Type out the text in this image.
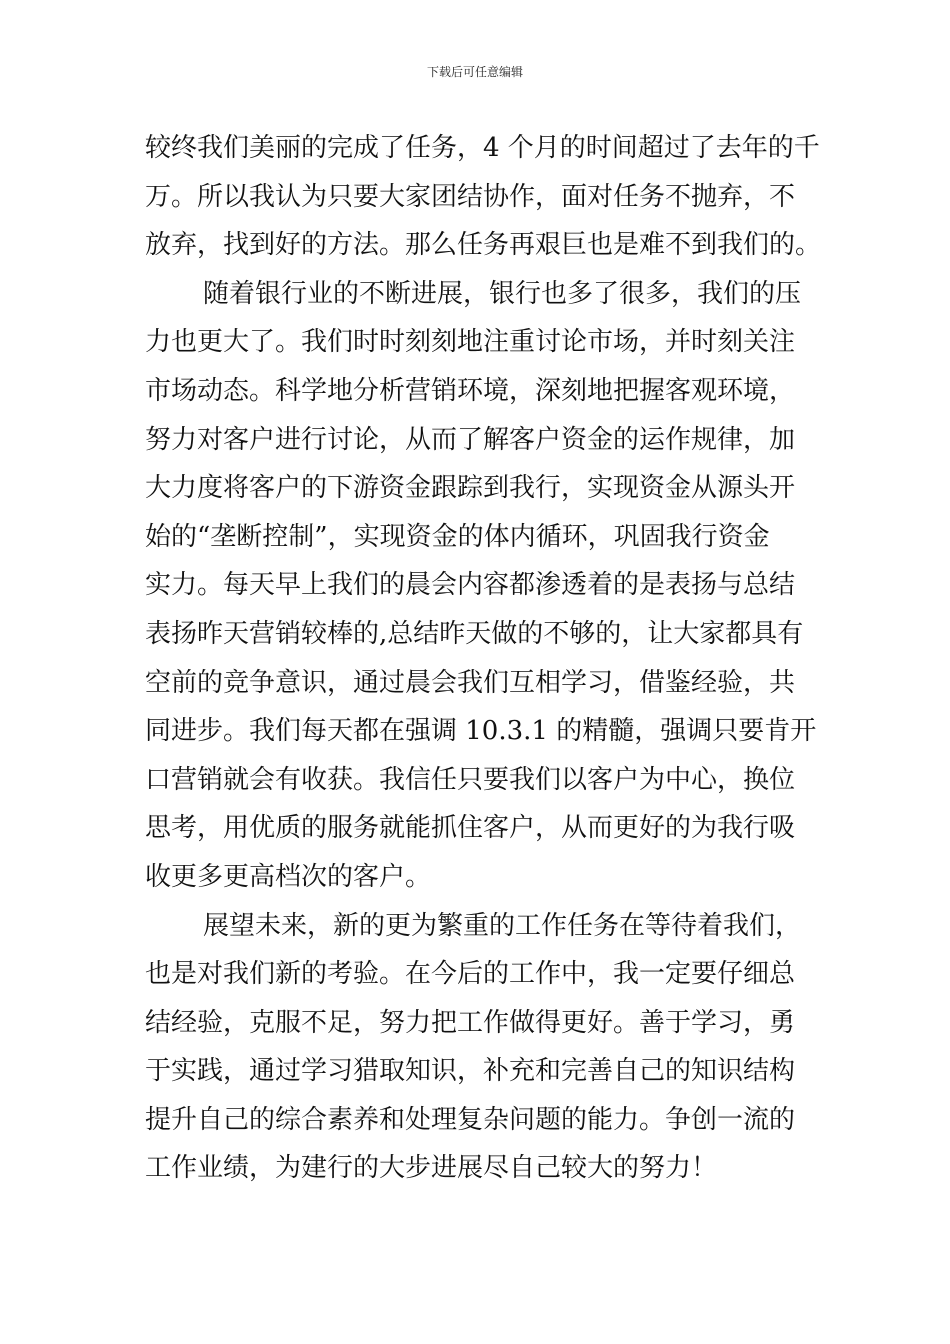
下载后可任意编辑
较终我们美丽的完成了任务，4 个月的时间超过了去年的千
万。所以我认为只要大家团结协作，面对任务不抛弃，不
放弃，找到好的方法。那么任务再艰巨也是难不到我们的。
随着银行业的不断进展，银行也多了很多，我们的压
力也更大了。我们时时刻刻地注重讨论市场，并时刻关注
市场动态。科学地分析营销环境，深刻地把握客观环境，
努力对客户进行讨论，从而了解客户资金的运作规律，加
大力度将客户的下游资金跟踪到我行，实现资金从源头开
始的“垄断控制”，实现资金的体内循环，巩固我行资金
实力。每天早上我们的晨会内容都渗透着的是表扬与总结
表扬昨天营销较棒的,总结昨天做的不够的，让大家都具有
空前的竞争意识，通过晨会我们互相学习，借鉴经验，共
同进步。我们每天都在强调 10.3.1 的精髓，强调只要肯开
口营销就会有收获。我信任只要我们以客户为中心，换位
思考，用优质的服务就能抓住客户，从而更好的为我行吸
收更多更高档次的客户。
展望未来，新的更为繁重的工作任务在等待着我们，
也是对我们新的考验。在今后的工作中，我一定要仔细总
结经验，克服不足，努力把工作做得更好。善于学习，勇
于实践，通过学习猎取知识，补充和完善自己的知识结构
提升自己的综合素养和处理复杂问题的能力。争创一流的
工作业绩，为建行的大步进展尽自己较大的努力！
